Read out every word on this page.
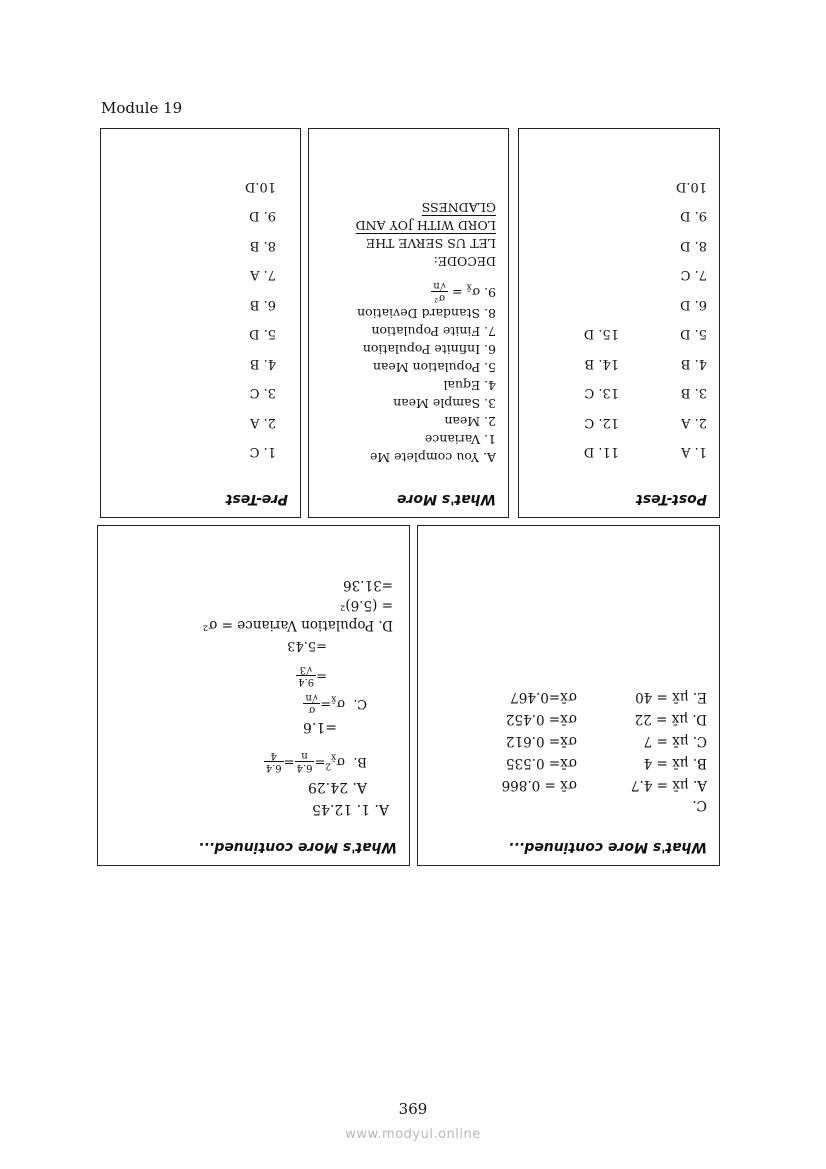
Module 19
Pre-Test
1. C
2. A
3. C
4. B
5. D
6. B
7. A
8. B
9. D
10.D
What's More
A. You complete Me
1. Variance
2. Mean
3. Sample Mean
4. Equal
5. Population Mean
6. Infinite Population
7. Finite Population
8. Standard Deviation
9. $\sigma_{x̄}$ =
σ²
√n
DECODE:
LET US SERVE THE
LORD WITH JOY AND
GLADNESS
Post-Test
1. A
2. A
3. B
4. B
5. D
6. D
7. C
8. D
9. D
10.D
11. D
12. C
13. C
14. B
15. D
What's More continued...
A. 1. 12.45
A. 24.29
B.  $\sigma_{x̄}^2=$
6.4
n
=
6.4
4
=1.6
C.  $\sigma_{x̄}=$
σ
√n
=
9.4
√3
=5.43
D. Population Variance = σ²
= (5.6)²
=31.36
What's More continued...
C.
A. μx̄ = 4.7
σx̄ = 0.866
B. μx̄ = 4
σx̄= 0.535
C. μx̄ = 7
σx̄= 0.612
D. μx̄ = 22
σx̄= 0.452
E. μx̄ = 40
σx̄=0.467
369
www.modyul.online
